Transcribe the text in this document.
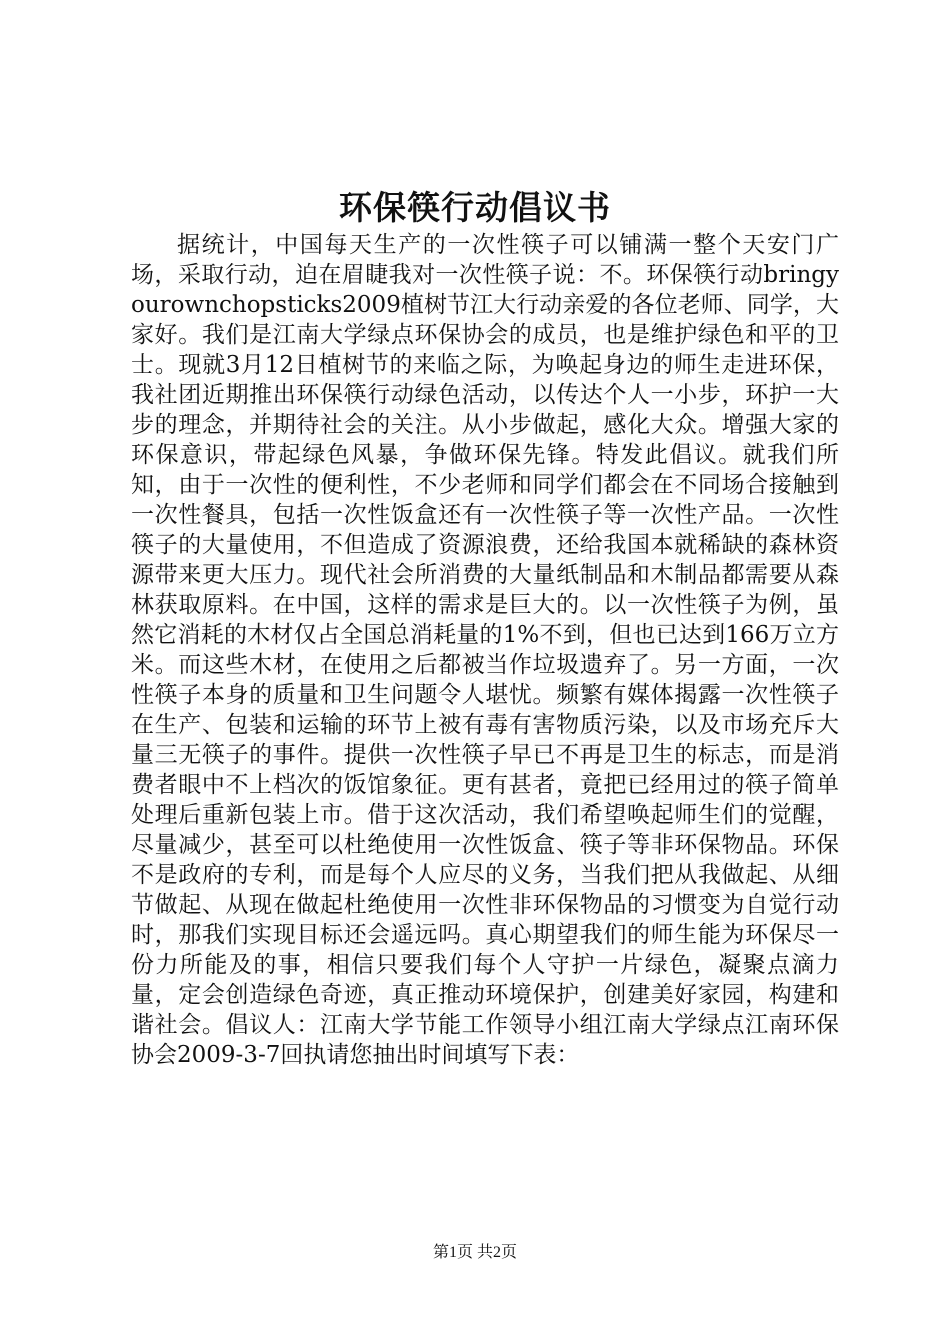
环保筷行动倡议书

据统计，中国每天生产的一次性筷子可以铺满一整个天安门广场，采取行动，迫在眉睫我对一次性筷子说：不。环保筷行动bringyourownchopsticks2009植树节江大行动亲爱的各位老师、同学，大家好。我们是江南大学绿点环保协会的成员，也是维护绿色和平的卫士。现就3月12日植树节的来临之际，为唤起身边的师生走进环保，我社团近期推出环保筷行动绿色活动，以传达个人一小步，环护一大步的理念，并期待社会的关注。从小步做起，感化大众。增强大家的环保意识，带起绿色风暴，争做环保先锋。特发此倡议。就我们所知，由于一次性的便利性，不少老师和同学们都会在不同场合接触到一次性餐具，包括一次性饭盒还有一次性筷子等一次性产品。一次性筷子的大量使用，不但造成了资源浪费，还给我国本就稀缺的森林资源带来更大压力。现代社会所消费的大量纸制品和木制品都需要从森林获取原料。在中国，这样的需求是巨大的。以一次性筷子为例，虽然它消耗的木材仅占全国总消耗量的1%不到，但也已达到166万立方米。而这些木材，在使用之后都被当作垃圾遗弃了。另一方面，一次性筷子本身的质量和卫生问题令人堪忧。频繁有媒体揭露一次性筷子在生产、包装和运输的环节上被有毒有害物质污染，以及市场充斥大量三无筷子的事件。提供一次性筷子早已不再是卫生的标志，而是消费者眼中不上档次的饭馆象征。更有甚者，竟把已经用过的筷子简单处理后重新包装上市。借于这次活动，我们希望唤起师生们的觉醒，尽量减少，甚至可以杜绝使用一次性饭盒、筷子等非环保物品。环保不是政府的专利，而是每个人应尽的义务，当我们把从我做起、从细节做起、从现在做起杜绝使用一次性非环保物品的习惯变为自觉行动时，那我们实现目标还会遥远吗。真心期望我们的师生能为环保尽一份力所能及的事，相信只要我们每个人守护一片绿色，凝聚点滴力量，定会创造绿色奇迹，真正推动环境保护，创建美好家园，构建和谐社会。倡议人：江南大学节能工作领导小组江南大学绿点江南环保协会2009-3-7回执请您抽出时间填写下表：

第1页 共2页
